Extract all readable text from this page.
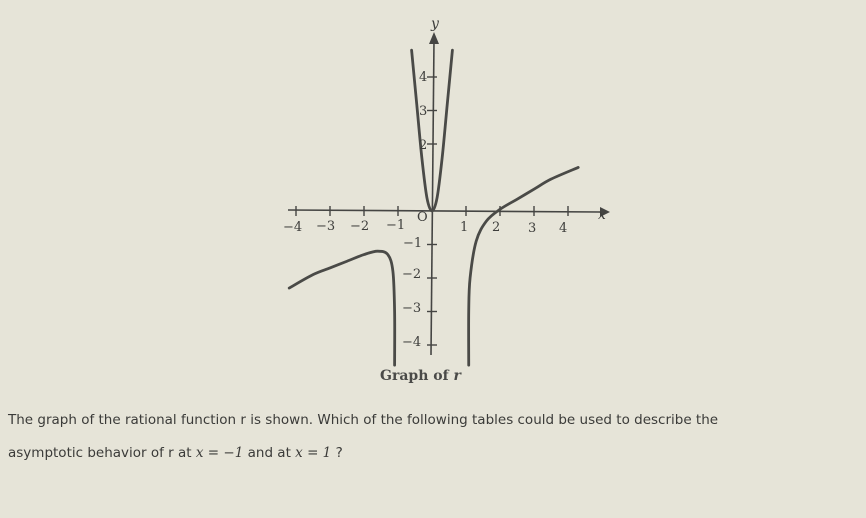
x
y
O
−4 −3 −2 −1	1 2 3 4
4
3
2
−1
−2
−3
−4
Graph of r
The graph of the rational function r is shown. Which of the following tables could be used to describe the
asymptotic behavior of r at x = −1 and at x = 1 ?
